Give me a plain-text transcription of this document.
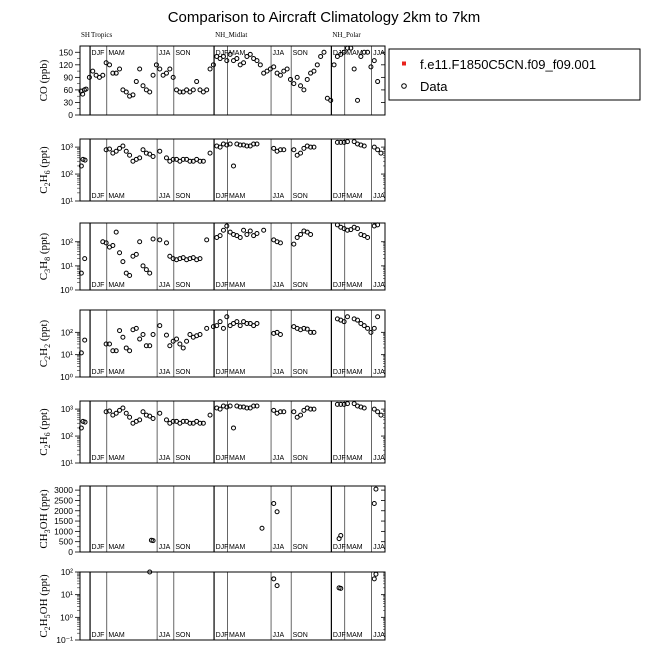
Comparison to Aircraft Climatology 2km to 7km
0
30
60
90
120
150
CO (ppb)
SH Tropics	NH_Midlat	NH_Polar
DJF MAM	JJA SON	DJF MAM	JJA SON	DJF MAM JJA
10¹
10²
10³
$C_2H_6$ (ppt)
DJF MAM	JJA SON	DJF MAM	JJA SON	DJF MAM JJA
10⁰
10¹
10²
$C_3H_8$ (ppt)
DJF MAM	JJA SON	DJF MAM	JJA SON	DJF MAM JJA
10⁰
10¹
10²
$C_2H_2$ (ppt)
DJF MAM	JJA SON	DJF MAM	JJA SON	DJF MAM JJA
10¹
10²
10³
$C_2H_6$ (ppt)
DJF MAM	JJA SON	DJF MAM	JJA SON	DJF MAM JJA
0
500
1000
1500
2000
2500
3000
$CH_3OH$ (ppt)
DJF MAM	JJA SON	DJF MAM	JJA SON	DJF MAM JJA
10⁻¹
10⁰
10¹
10²
$C_2H_5OH$ (ppt)
DJF MAM	JJA SON	DJF MAM	JJA SON	DJF MAM JJA
f.e11.F1850C5CN.f09_f09.001
Data
